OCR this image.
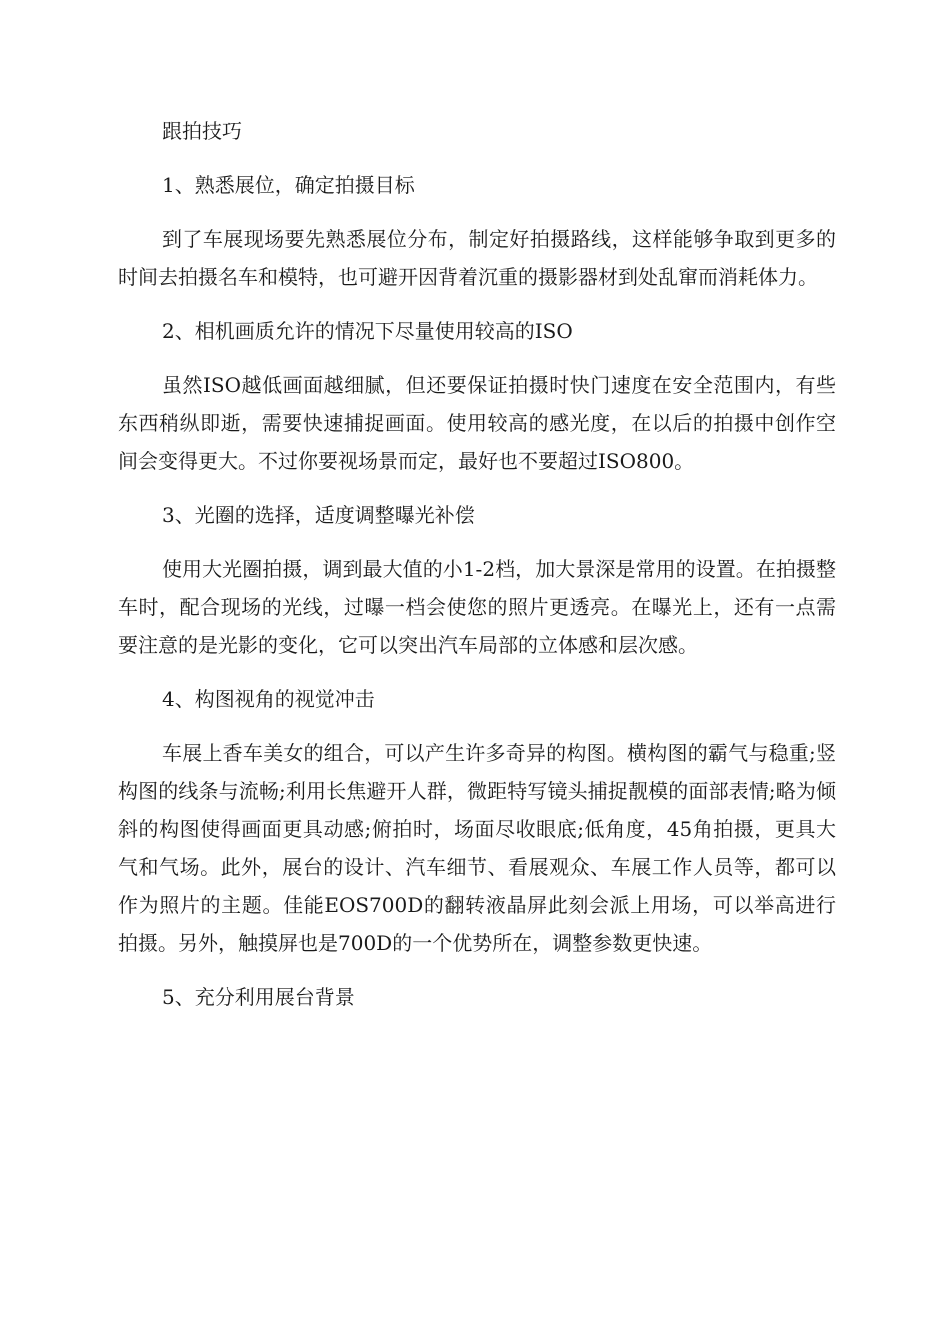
跟拍技巧

1、熟悉展位，确定拍摄目标

到了车展现场要先熟悉展位分布，制定好拍摄路线，这样能够争取到更多的时间去拍摄名车和模特，也可避开因背着沉重的摄影器材到处乱窜而消耗体力。

2、相机画质允许的情况下尽量使用较高的ISO

虽然ISO越低画面越细腻，但还要保证拍摄时快门速度在安全范围内，有些东西稍纵即逝，需要快速捕捉画面。使用较高的感光度，在以后的拍摄中创作空间会变得更大。不过你要视场景而定，最好也不要超过ISO800。

3、光圈的选择，适度调整曝光补偿

使用大光圈拍摄，调到最大值的小1-2档，加大景深是常用的设置。在拍摄整车时，配合现场的光线，过曝一档会使您的照片更透亮。在曝光上，还有一点需要注意的是光影的变化，它可以突出汽车局部的立体感和层次感。

4、构图视角的视觉冲击

车展上香车美女的组合，可以产生许多奇异的构图。横构图的霸气与稳重;竖构图的线条与流畅;利用长焦避开人群，微距特写镜头捕捉靓模的面部表情;略为倾斜的构图使得画面更具动感;俯拍时，场面尽收眼底;低角度，45角拍摄，更具大气和气场。此外，展台的设计、汽车细节、看展观众、车展工作人员等，都可以作为照片的主题。佳能EOS700D的翻转液晶屏此刻会派上用场，可以举高进行拍摄。另外，触摸屏也是700D的一个优势所在，调整参数更快速。

5、充分利用展台背景
